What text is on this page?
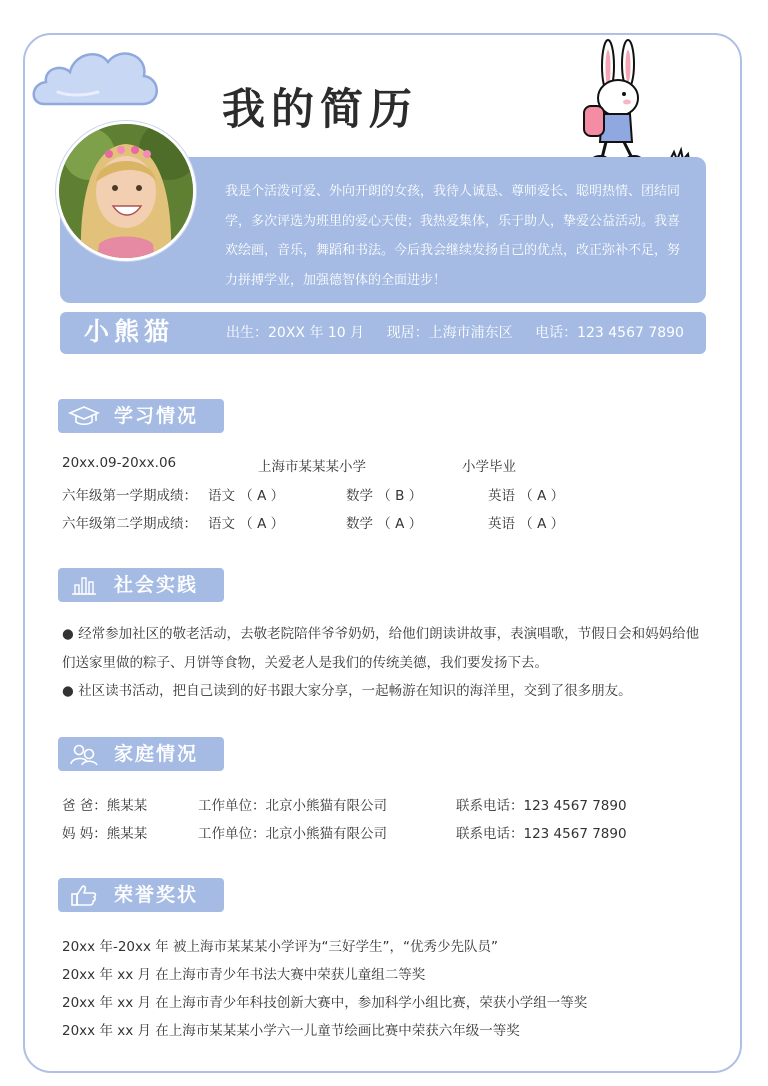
我的简历
我是个活泼可爱、外向开朗的女孩，我待人诚恳、尊师爱长、聪明热情、团结同学，多次评选为班里的爱心天使；我热爱集体，乐于助人，挚爱公益活动。我喜欢绘画，音乐，舞蹈和书法。今后我会继续发扬自己的优点，改正弥补不足，努力拼搏学业，加强德智体的全面进步！
小熊猫	出生：20XX 年 10 月 现居：上海市浦东区 电话：123 4567 7890
学习情况
20xx.09-20xx.06	上海市某某某小学	小学毕业
六年级第一学期成绩： 语文 （ A ）	数学 （ B ）	英语 （ A ）
六年级第二学期成绩： 语文 （ A ）	数学 （ A ）	英语 （ A ）
社会实践
● 经常参加社区的敬老活动，去敬老院陪伴爷爷奶奶，给他们朗读讲故事，表演唱歌，节假日会和妈妈给他们送家里做的粽子、月饼等食物，关爱老人是我们的传统美德，我们要发扬下去。
● 社区读书活动，把自己读到的好书跟大家分享，一起畅游在知识的海洋里，交到了很多朋友。
家庭情况
爸 爸：熊某某	工作单位：北京小熊猫有限公司	联系电话：123 4567 7890
妈 妈：熊某某	工作单位：北京小熊猫有限公司	联系电话：123 4567 7890
荣誉奖状
20xx 年-20xx 年 被上海市某某某小学评为“三好学生”，“优秀少先队员”
20xx 年 xx 月 在上海市青少年书法大赛中荣获儿童组二等奖
20xx 年 xx 月 在上海市青少年科技创新大赛中，参加科学小组比赛，荣获小学组一等奖
20xx 年 xx 月 在上海市某某某小学六一儿童节绘画比赛中荣获六年级一等奖
